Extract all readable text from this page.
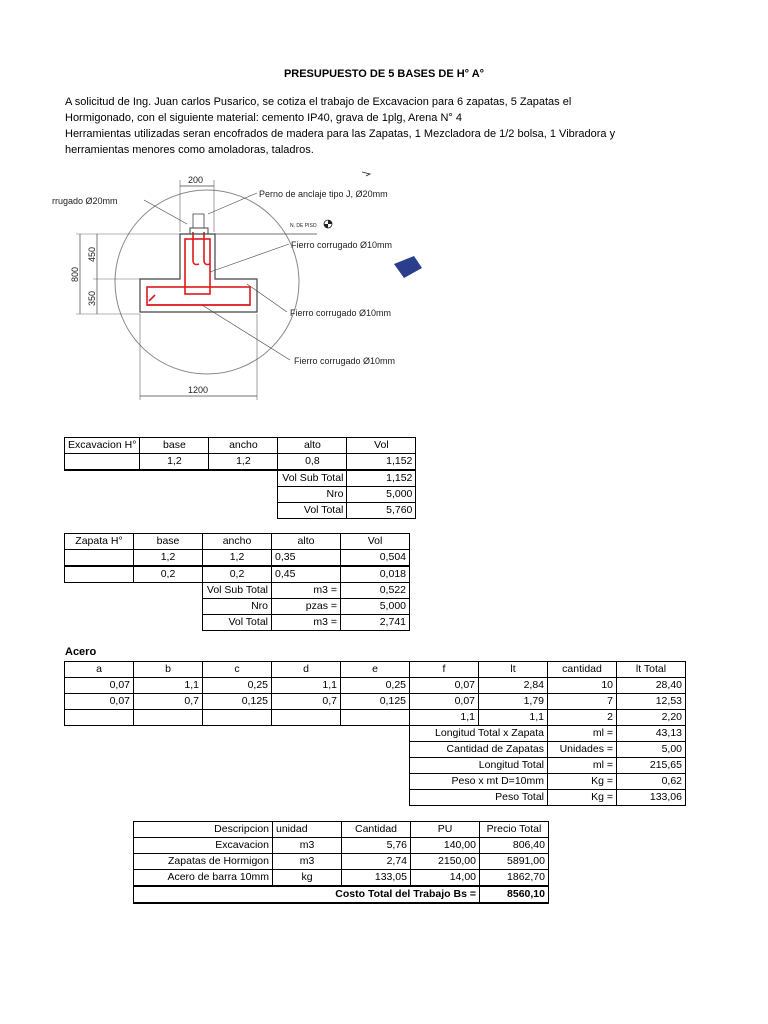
PRESUPUESTO DE 5 BASES DE H° A°
A solicitud de Ing. Juan carlos Pusarico, se cotiza el trabajo de Excavacion para 6 zapatas, 5 Zapatas el
Hormigonado, con el siguiente material: cemento IP40, grava de 1plg, Arena N° 4
Herramientas utilizadas seran encofrados de madera para las Zapatas, 1 Mezcladora de 1/2 bolsa, 1 Vibradora y
herramientas menores como amoladoras, taladros.
200
800
450
350
1200
rrugado Ø20mm
Perno de anclaje tipo J, Ø20mm
N. DE PISO
Fierro corrugado Ø10mm
Fierro corrugado Ø10mm
Fierro corrugado Ø10mm
Excavacion H°	base	ancho	alto	Vol
	1,2	1,2	0,8	1,152
			Vol Sub Total	1,152
			Nro	5,000
			Vol Total	5,760
Zapata H°	base	ancho	alto	Vol
	1,2	1,2	0,35	0,504
	0,2	0,2	0,45	0,018
		Vol Sub Total	m3 =	0,522
		Nro	pzas =	5,000
		Vol Total	m3 =	2,741
Acero
a	b	c	d	e	f	lt	cantidad	lt Total
0,07	1,1	0,25	1,1	0,25	0,07	2,84	10	28,40
0,07	0,7	0,125	0,7	0,125	0,07	1,79	7	12,53
					1,1	1,1	2	2,20
					Longitud Total x Zapata		ml =	43,13
					Cantidad de Zapatas		Unidades =	5,00
					Longitud Total		ml =	215,65
					Peso x mt D=10mm		Kg =	0,62
					Peso Total		Kg =	133,06
Descripcion	unidad	Cantidad	PU	Precio Total
Excavacion	m3	5,76	140,00	806,40
Zapatas de Hormigon	m3	2,74	2150,00	5891,00
Acero de barra 10mm	kg	133,05	14,00	1862,70
Costo Total del Trabajo Bs =				8560,10
